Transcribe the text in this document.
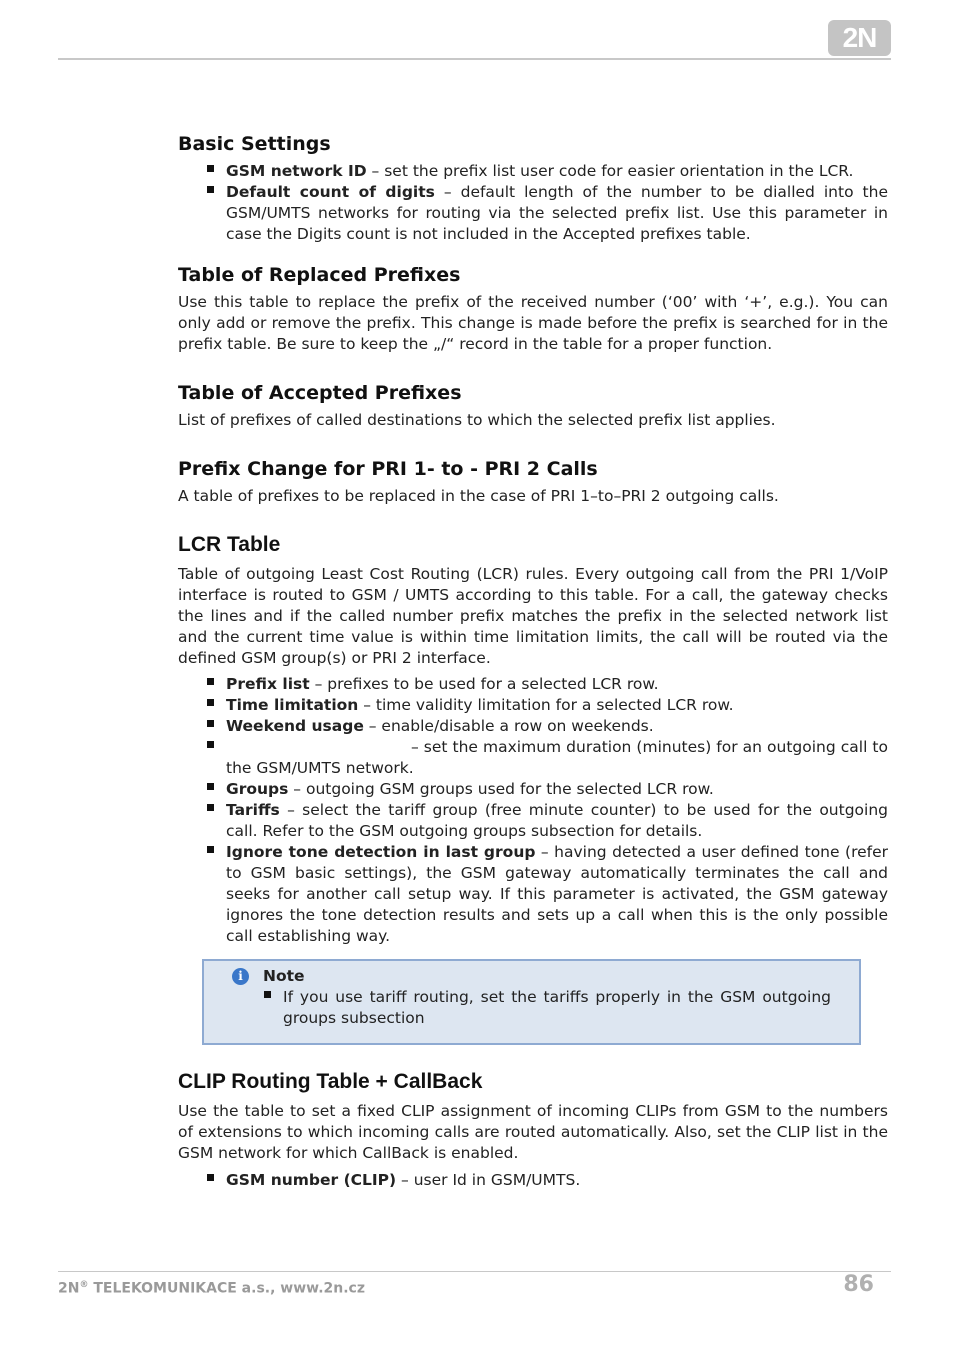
2N
Basic Settings
GSM network ID – set the prefix list user code for easier orientation in the LCR.
Default count of digits – default length of the number to be dialled into the GSM/UMTS networks for routing via the selected prefix list. Use this parameter in case the Digits count is not included in the Accepted prefixes table.
Table of Replaced Prefixes

Use this table to replace the prefix of the received number (‘00’ with ‘+’, e.g.). You can only add or remove the prefix. This change is made before the prefix is searched for in the prefix table. Be sure to keep the „/“ record in the table for a proper function.

Table of Accepted Prefixes

List of prefixes of called destinations to which the selected prefix list applies.

Prefix Change for PRI 1- to - PRI 2 Calls

A table of prefixes to be replaced in the case of PRI 1–to–PRI 2 outgoing calls.

LCR Table

Table of outgoing Least Cost Routing (LCR) rules. Every outgoing call from the PRI 1/VoIP interface is routed to GSM / UMTS according to this table. For a call, the gateway checks the lines and if the called number prefix matches the prefix in the selected network list and the current time value is within time limitation limits, the call will be routed via the defined GSM group(s) or PRI 2 interface.

Prefix list – prefixes to be used for a selected LCR row.
Time limitation – time validity limitation for a selected LCR row.
Weekend usage – enable/disable a row on weekends.
– set the maximum duration (minutes) for an outgoing call to the GSM/UMTS network.
Groups – outgoing GSM groups used for the selected LCR row.
Tariffs – select the tariff group (free minute counter) to be used for the outgoing call. Refer to the GSM outgoing groups subsection for details.
Ignore tone detection in last group – having detected a user defined tone (refer to GSM basic settings), the GSM gateway automatically terminates the call and seeks for another call setup way. If this parameter is activated, the GSM gateway ignores the tone detection results and sets up a call when this is the only possible call establishing way.
i	Note
If you use tariff routing, set the tariffs properly in the GSM outgoing groups subsection
CLIP Routing Table + CallBack

Use the table to set a fixed CLIP assignment of incoming CLIPs from GSM to the numbers of extensions to which incoming calls are routed automatically. Also, set the CLIP list in the GSM network for which CallBack is enabled.

GSM number (CLIP) – user Id in GSM/UMTS.
2N® TELEKOMUNIKACE a.s., www.2n.cz	86
